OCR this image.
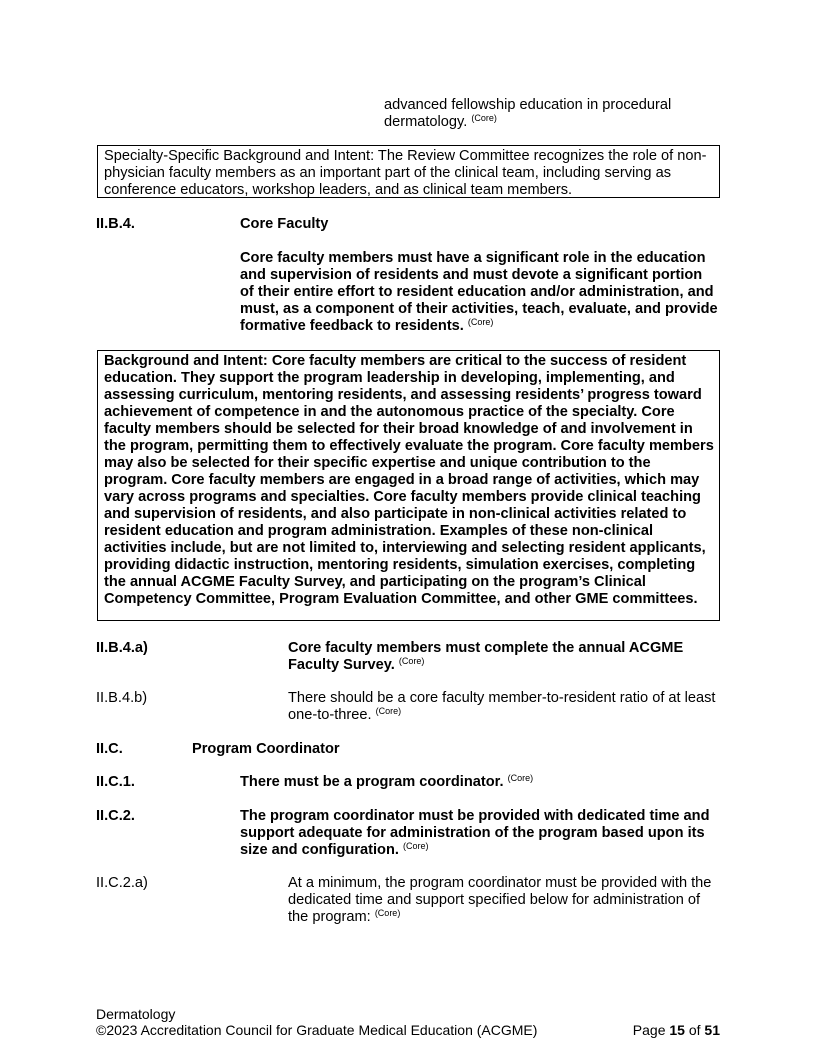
advanced fellowship education in procedural
dermatology. $^{(Core)}$
Specialty-Specific Background and Intent: The Review Committee recognizes the role of non-physician faculty members as an important part of the clinical team, including serving as conference educators, workshop leaders, and as clinical team members.
II.B.4.	Core Faculty
Core faculty members must have a significant role in the education and supervision of residents and must devote a significant portion of their entire effort to resident education and/or administration, and must, as a component of their activities, teach, evaluate, and provide formative feedback to residents. $^{(Core)}$
Background and Intent: Core faculty members are critical to the success of resident education. They support the program leadership in developing, implementing, and assessing curriculum, mentoring residents, and assessing residents’ progress toward achievement of competence in and the autonomous practice of the specialty. Core faculty members should be selected for their broad knowledge of and involvement in the program, permitting them to effectively evaluate the program. Core faculty members may also be selected for their specific expertise and unique contribution to the program. Core faculty members are engaged in a broad range of activities, which may vary across programs and specialties. Core faculty members provide clinical teaching and supervision of residents, and also participate in non-clinical activities related to resident education and program administration. Examples of these non-clinical activities include, but are not limited to, interviewing and selecting resident applicants, providing didactic instruction, mentoring residents, simulation exercises, completing the annual ACGME Faculty Survey, and participating on the program’s Clinical Competency Committee, Program Evaluation Committee, and other GME committees.
II.B.4.a)	Core faculty members must complete the annual ACGME Faculty Survey. $^{(Core)}$
II.B.4.b)	There should be a core faculty member-to-resident ratio of at least one-to-three. $^{(Core)}$
II.C.	Program Coordinator
II.C.1.	There must be a program coordinator. $^{(Core)}$
II.C.2.	The program coordinator must be provided with dedicated time and support adequate for administration of the program based upon its size and configuration. $^{(Core)}$
II.C.2.a)	At a minimum, the program coordinator must be provided with the dedicated time and support specified below for administration of the program: $^{(Core)}$
Dermatology
©2023 Accreditation Council for Graduate Medical Education (ACGME)	Page 15 of 51
